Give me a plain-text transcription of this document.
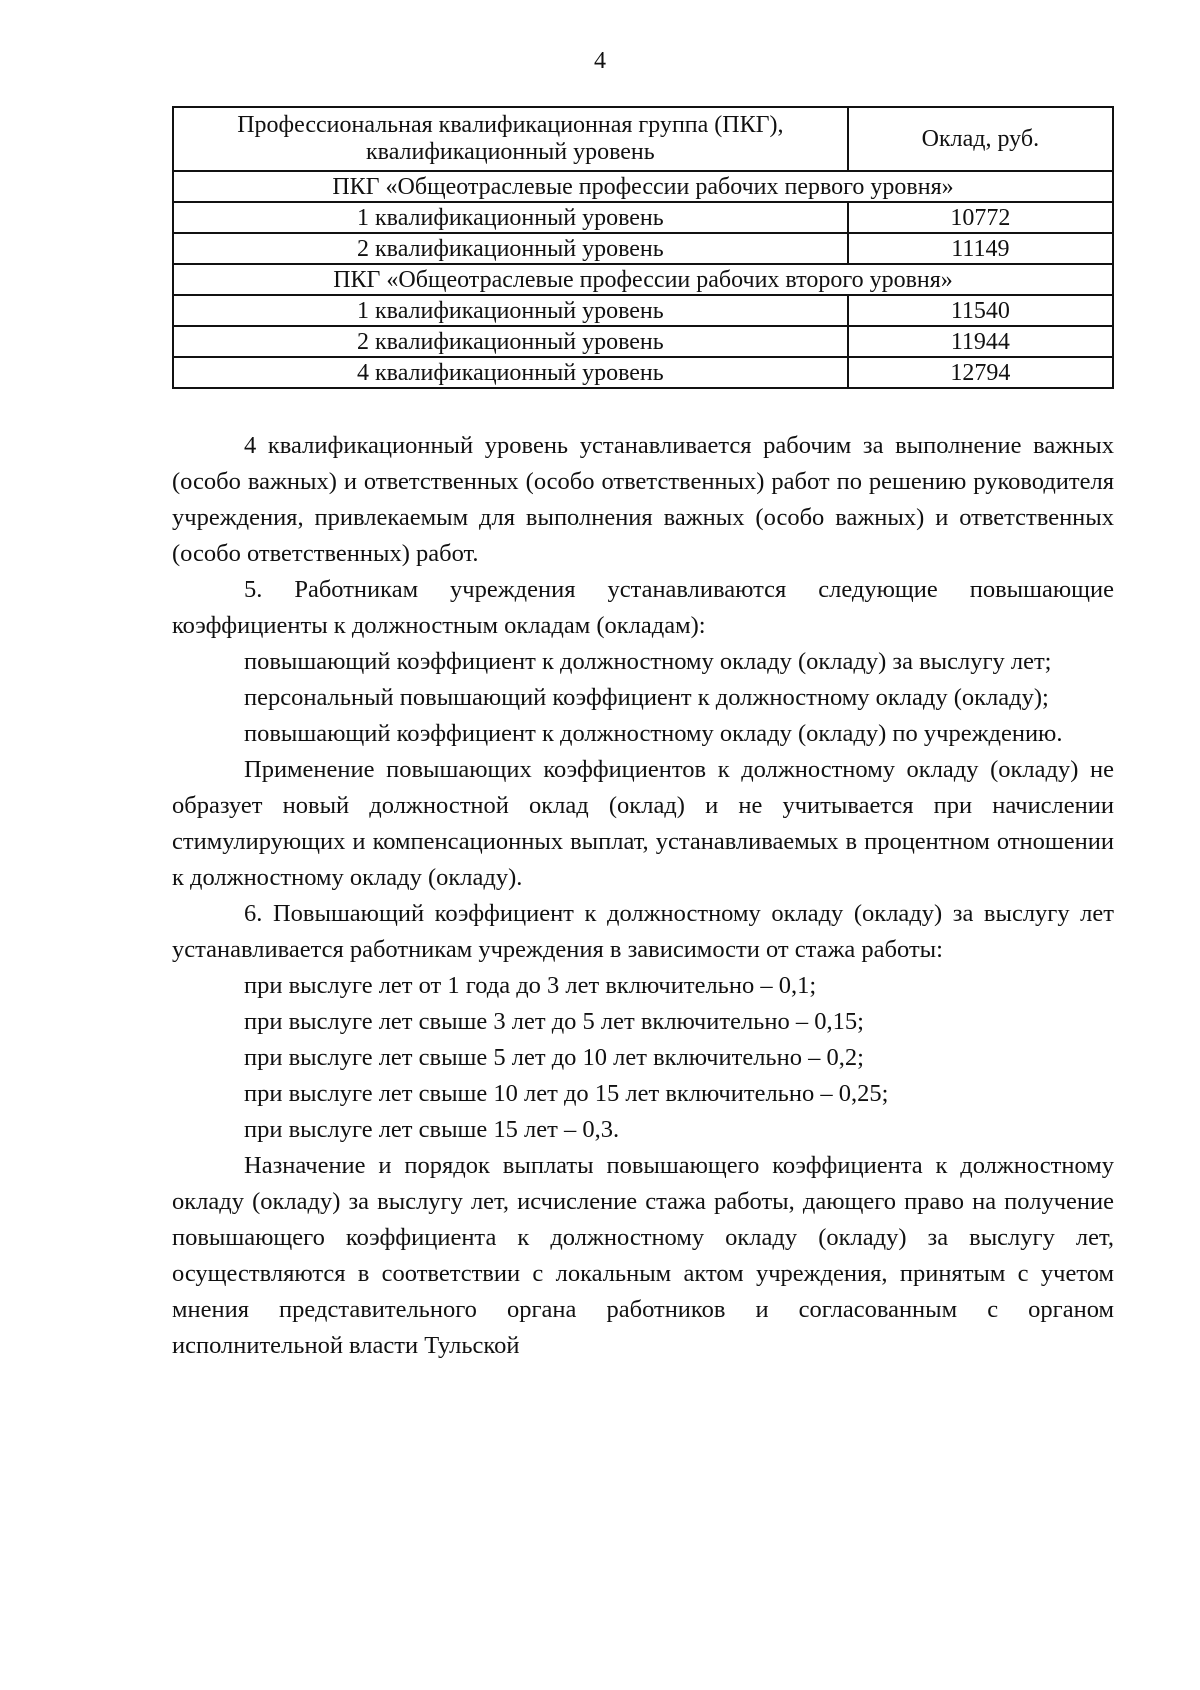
4
Профессиональная квалификационная группа (ПКГ), квалификационный уровень	Оклад, руб.
ПКГ «Общеотраслевые профессии рабочих первого уровня»	
1 квалификационный уровень	10772
2 квалификационный уровень	11149
ПКГ «Общеотраслевые профессии рабочих второго уровня»	
1 квалификационный уровень	11540
2 квалификационный уровень	11944
4 квалификационный уровень	12794

4 квалификационный уровень устанавливается рабочим за выполнение важных (особо важных) и ответственных (особо ответственных) работ по решению руководителя учреждения, привлекаемым для выполнения важных (особо важных) и ответственных (особо ответственных) работ.

5. Работникам учреждения устанавливаются следующие повышающие коэффициенты к должностным окладам (окладам):

повышающий коэффициент к должностному окладу (окладу) за выслугу лет;

персональный повышающий коэффициент к должностному окладу (окладу);

повышающий коэффициент к должностному окладу (окладу) по учреждению.

Применение повышающих коэффициентов к должностному окладу (окладу) не образует новый должностной оклад (оклад) и не учитывается при начислении стимулирующих и компенсационных выплат, устанавливаемых в процентном отношении к должностному окладу (окладу).

6. Повышающий коэффициент к должностному окладу (окладу) за выслугу лет устанавливается работникам учреждения в зависимости от стажа работы:

при выслуге лет от 1 года до 3 лет включительно – 0,1;

при выслуге лет свыше 3 лет до 5 лет включительно – 0,15;

при выслуге лет свыше 5 лет до 10 лет включительно – 0,2;

при выслуге лет свыше 10 лет до 15 лет включительно – 0,25;

при выслуге лет свыше 15 лет – 0,3.

Назначение и порядок выплаты повышающего коэффициента к должностному окладу (окладу) за выслугу лет, исчисление стажа работы, дающего право на получение повышающего коэффициента к должностному окладу (окладу) за выслугу лет, осуществляются в соответствии с локальным актом учреждения, принятым с учетом мнения представительного органа работников и согласованным с органом исполнительной власти Тульской
